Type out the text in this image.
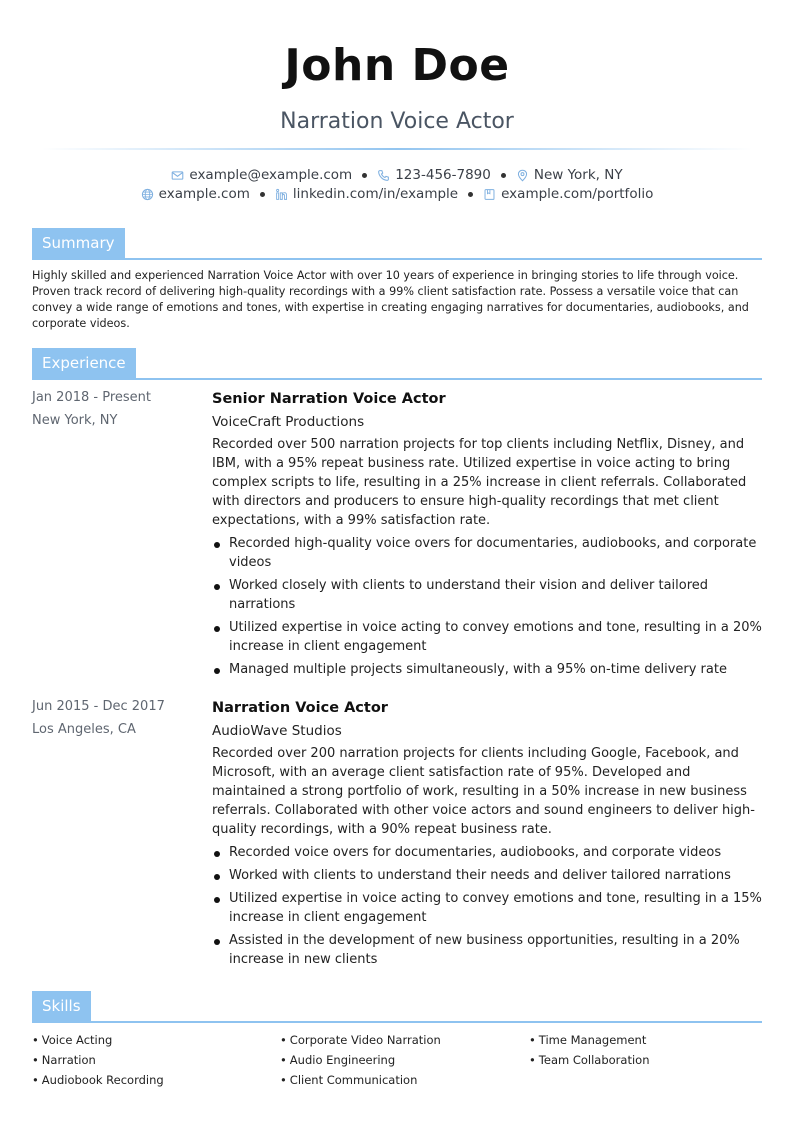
John Doe
Narration Voice Actor
example@example.com	123-456-7890	New York, NY
example.com	linkedin.com/in/example	example.com/portfolio
Summary
Highly skilled and experienced Narration Voice Actor with over 10 years of experience in bringing stories to life through voice. Proven track record of delivering high-quality recordings with a 99% client satisfaction rate. Possess a versatile voice that can convey a wide range of emotions and tones, with expertise in creating engaging narratives for documentaries, audiobooks, and corporate videos.
Experience
Jan 2018 - Present
New York, NY
Senior Narration Voice Actor
VoiceCraft Productions
Recorded over 500 narration projects for top clients including Netflix, Disney, and IBM, with a 95% repeat business rate. Utilized expertise in voice acting to bring complex scripts to life, resulting in a 25% increase in client referrals. Collaborated with directors and producers to ensure high-quality recordings that met client expectations, with a 99% satisfaction rate.
Recorded high-quality voice overs for documentaries, audiobooks, and corporate videos
Worked closely with clients to understand their vision and deliver tailored narrations
Utilized expertise in voice acting to convey emotions and tone, resulting in a 20% increase in client engagement
Managed multiple projects simultaneously, with a 95% on-time delivery rate
Jun 2015 - Dec 2017
Los Angeles, CA
Narration Voice Actor
AudioWave Studios
Recorded over 200 narration projects for clients including Google, Facebook, and Microsoft, with an average client satisfaction rate of 95%. Developed and maintained a strong portfolio of work, resulting in a 50% increase in new business referrals. Collaborated with other voice actors and sound engineers to deliver high-quality recordings, with a 90% repeat business rate.
Recorded voice overs for documentaries, audiobooks, and corporate videos
Worked with clients to understand their needs and deliver tailored narrations
Utilized expertise in voice acting to convey emotions and tone, resulting in a 15% increase in client engagement
Assisted in the development of new business opportunities, resulting in a 20% increase in new clients
Skills
• Voice Acting
• Narration
• Audiobook Recording
• Corporate Video Narration
• Audio Engineering
• Client Communication
• Time Management
• Team Collaboration
